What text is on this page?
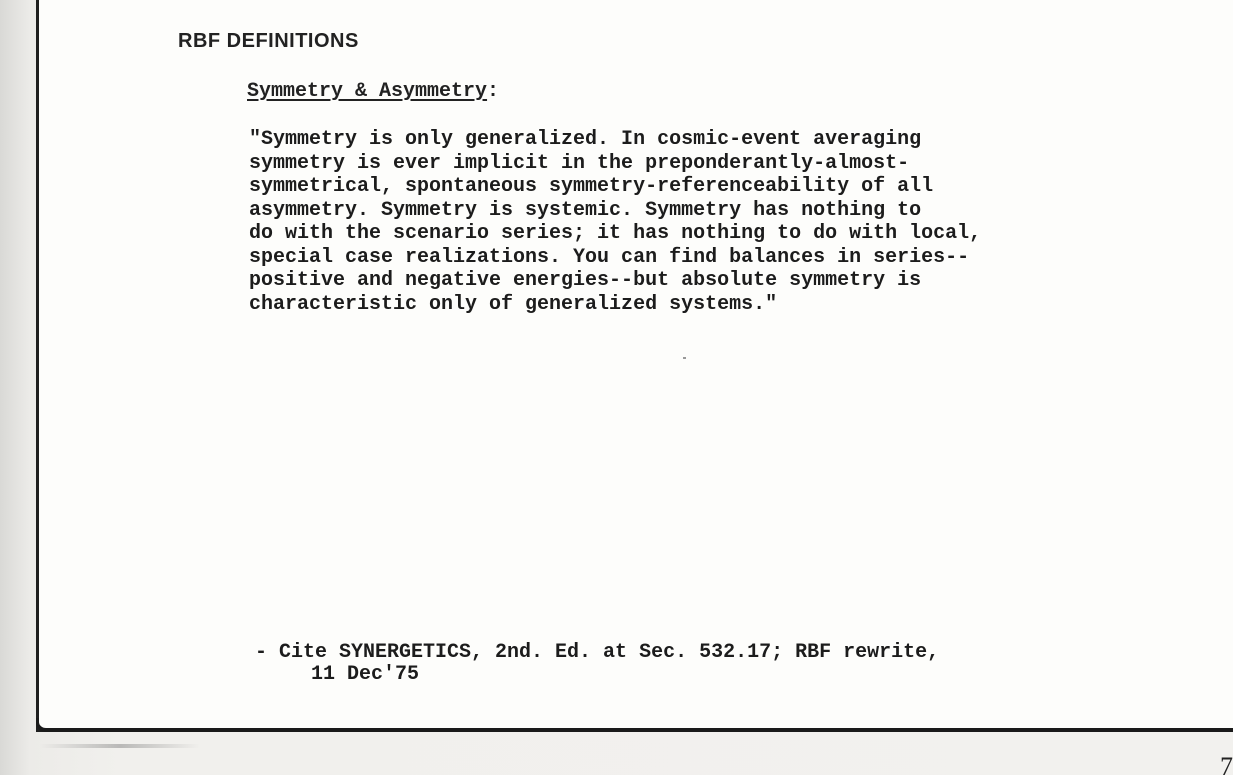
RBF DEFINITIONS
Symmetry & Asymmetry:
"Symmetry is only generalized. In cosmic-event averaging
symmetry is ever implicit in the preponderantly-almost-
symmetrical, spontaneous symmetry-referenceability of all
asymmetry. Symmetry is systemic. Symmetry has nothing to
do with the scenario series; it has nothing to do with local,
special case realizations. You can find balances in series--
positive and negative energies--but absolute symmetry is
characteristic only of generalized systems."
- Cite SYNERGETICS, 2nd. Ed. at Sec. 532.17; RBF rewrite,
11 Dec'75
7
